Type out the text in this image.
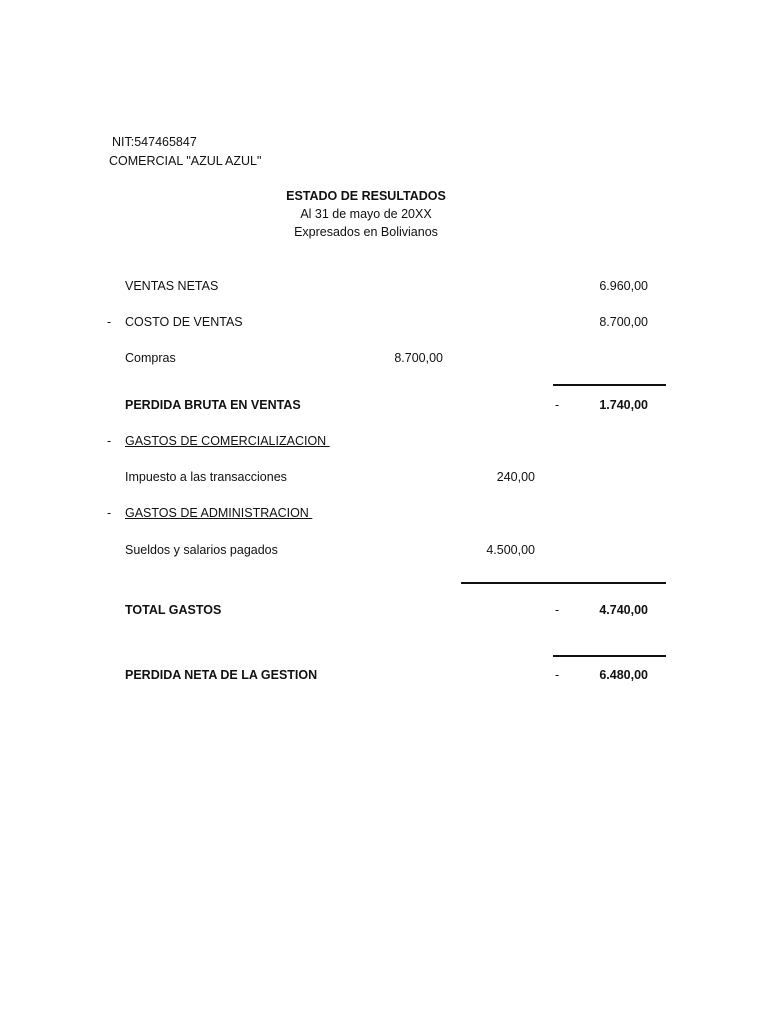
NIT:547465847
COMERCIAL "AZUL AZUL"
ESTADO DE RESULTADOS
Al 31 de mayo de 20XX
Expresados en Bolivianos
VENTAS NETAS	6.960,00
- COSTO DE VENTAS	8.700,00
Compras	8.700,00
PERDIDA BRUTA EN VENTAS	-	1.740,00
- GASTOS DE COMERCIALIZACION
Impuesto a las transacciones	240,00
- GASTOS DE ADMINISTRACION
Sueldos y salarios pagados	4.500,00
TOTAL GASTOS	-	4.740,00
PERDIDA NETA DE LA GESTION	-	6.480,00
